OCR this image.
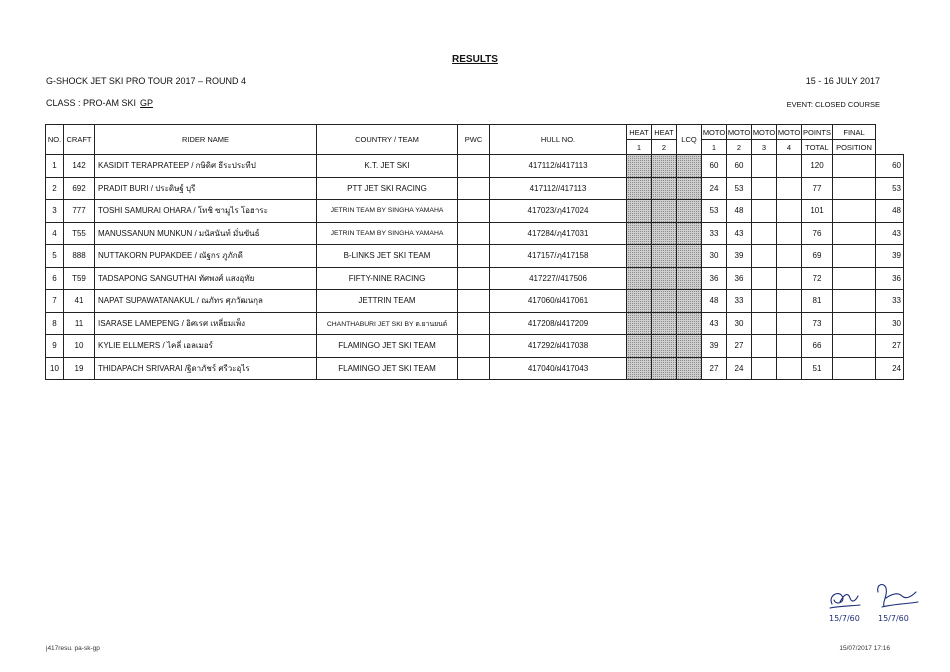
RESULTS
G-SHOCK JET SKI PRO TOUR 2017 – ROUND 4	15 - 16 JULY 2017
CLASS : PRO-AM SKI GP	EVENT: CLOSED COURSE
NO.	CRAFT	RIDER NAME	COUNTRY / TEAM	PWC	HULL NO.	HEAT	HEAT	LCQ	MOTO	MOTO	MOTO	MOTO	POINTS	FINAL	
						1	2		1	2	3	4	TOTAL	POSITION	
1	142	KASIDIT TERAPRATEEP / กษิดิศ ธีระประทีป	K.T. JET SKI		417112/ฝ417113				60	60			120		60
2	692	PRADIT BURI / ประดิษฐ์ บุรี	PTT JET SKI RACING		417112//417113				24	53			77		53
3	777	TOSHI SAMURAI OHARA / โทชิ ซามูไร โอฮาระ	JETRIN TEAM BY SINGHA YAMAHA		417023/ฦ417024				53	48			101		48
4	T55	MANUSSANUN MUNKUN / มนัสนันท์ มั่นขันธ์	JETRIN TEAM BY SINGHA YAMAHA		417284/ฦ417031				33	43			76		43
5	888	NUTTAKORN PUPAKDEE / ณัฐกร ภูภักดี	B-LINKS JET SKI TEAM		417157/ฦ417158				30	39			69		39
6	T59	TADSAPONG SANGUTHAI ทัศพงศ์ แสงอุทัย	FIFTY-NINE RACING		417227//417506				36	36			72		36
7	41	NAPAT SUPAWATANAKUL / ณภัทร ศุภวัฒนกุล	JETTRIN TEAM		417060/ฝ417061				48	33			81		33
8	11	ISARASE LAMEPENG / อิศเรศ เหลี่ยมเพ็ง	CHANTHABURI JET SKI BY ต.ยานยนต์		417208/ฝ417209				43	30			73		30
9	10	KYLIE ELLMERS / ไคลี่ เอลเมอร์	FLAMINGO JET SKI TEAM		417292/ฝ417038				39	27			66		27
10	19	THIDAPACH SRIVARAI /ฐิดาภัชร์ ศรีวะอุไร	FLAMINGO JET SKI TEAM		417040/ฝ417043				27	24			51		24
15/7/60 15/7/60
j417resu. pa-sk-gp	15/07/2017 17:16
